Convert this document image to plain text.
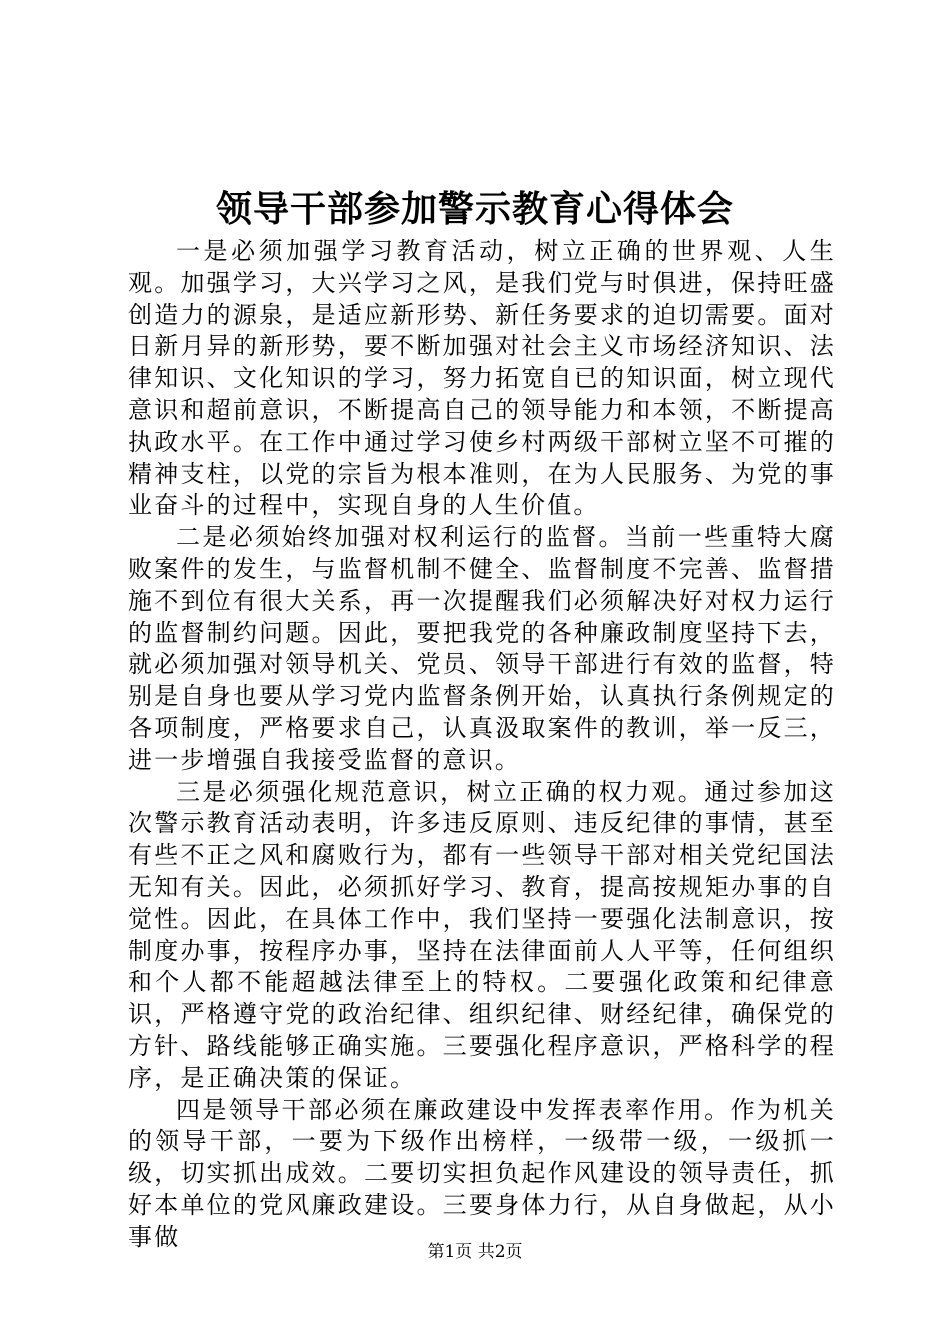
领导干部参加警示教育心得体会

一是必须加强学习教育活动，树立正确的世界观、人生观。加强学习，大兴学习之风，是我们党与时俱进，保持旺盛创造力的源泉，是适应新形势、新任务要求的迫切需要。面对日新月异的新形势，要不断加强对社会主义市场经济知识、法律知识、文化知识的学习，努力拓宽自已的知识面，树立现代意识和超前意识，不断提高自己的领导能力和本领，不断提高执政水平。在工作中通过学习使乡村两级干部树立坚不可摧的精神支柱，以党的宗旨为根本准则，在为人民服务、为党的事业奋斗的过程中，实现自身的人生价值。

二是必须始终加强对权利运行的监督。当前一些重特大腐败案件的发生，与监督机制不健全、监督制度不完善、监督措施不到位有很大关系，再一次提醒我们必须解决好对权力运行的监督制约问题。因此，要把我党的各种廉政制度坚持下去，就必须加强对领导机关、党员、领导干部进行有效的监督，特别是自身也要从学习党内监督条例开始，认真执行条例规定的各项制度，严格要求自己，认真汲取案件的教训，举一反三，进一步增强自我接受监督的意识。

三是必须强化规范意识，树立正确的权力观。通过参加这次警示教育活动表明，许多违反原则、违反纪律的事情，甚至有些不正之风和腐败行为，都有一些领导干部对相关党纪国法无知有关。因此，必须抓好学习、教育，提高按规矩办事的自觉性。因此，在具体工作中，我们坚持一要强化法制意识，按制度办事，按程序办事，坚持在法律面前人人平等，任何组织和个人都不能超越法律至上的特权。二要强化政策和纪律意识，严格遵守党的政治纪律、组织纪律、财经纪律，确保党的方针、路线能够正确实施。三要强化程序意识，严格科学的程序，是正确决策的保证。

四是领导干部必须在廉政建设中发挥表率作用。作为机关的领导干部，一要为下级作出榜样，一级带一级，一级抓一级，切实抓出成效。二要切实担负起作风建设的领导责任，抓好本单位的党风廉政建设。三要身体力行，从自身做起，从小事做

第1页 共2页
